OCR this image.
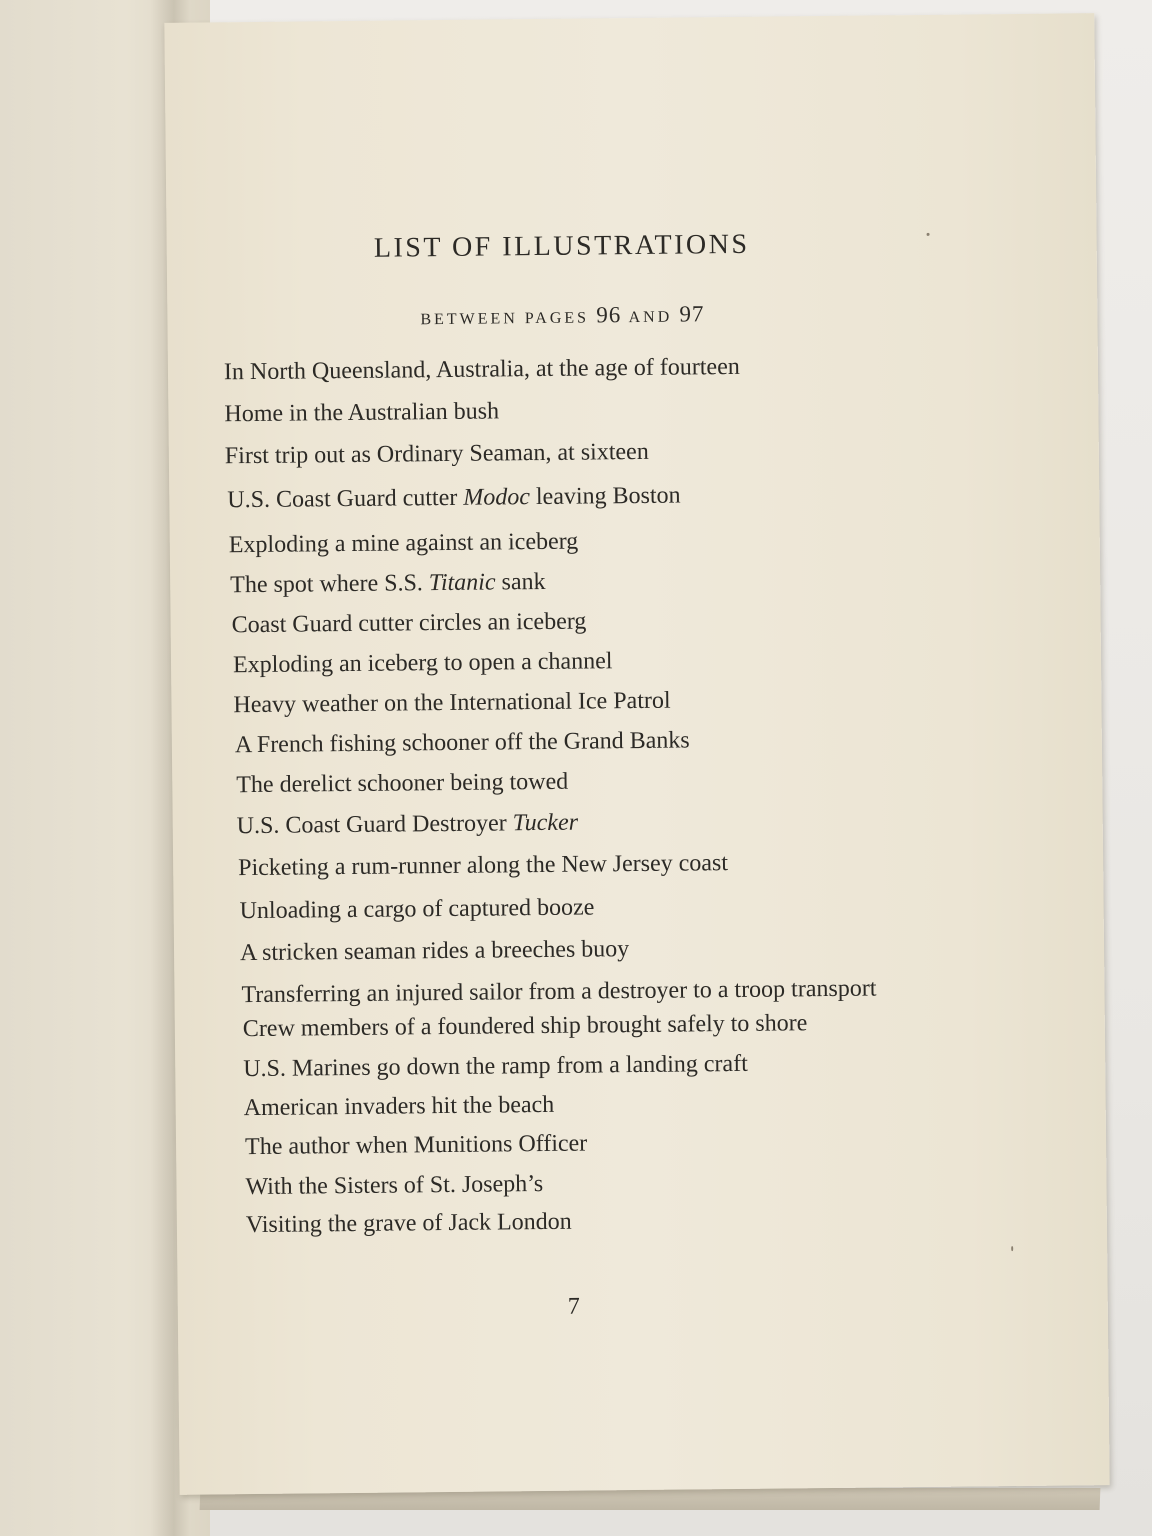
LIST OF ILLUSTRATIONS
BETWEEN PAGES 96 AND 97
In North Queensland, Australia, at the age of fourteen
Home in the Australian bush
First trip out as Ordinary Seaman, at sixteen
U.S. Coast Guard cutter Modoc leaving Boston
Exploding a mine against an iceberg
The spot where S.S. Titanic sank
Coast Guard cutter circles an iceberg
Exploding an iceberg to open a channel
Heavy weather on the International Ice Patrol
A French fishing schooner off the Grand Banks
The derelict schooner being towed
U.S. Coast Guard Destroyer Tucker
Picketing a rum-runner along the New Jersey coast
Unloading a cargo of captured booze
A stricken seaman rides a breeches buoy
Transferring an injured sailor from a destroyer to a troop transport
Crew members of a foundered ship brought safely to shore
U.S. Marines go down the ramp from a landing craft
American invaders hit the beach
The author when Munitions Officer
With the Sisters of St. Joseph’s
Visiting the grave of Jack London
7
